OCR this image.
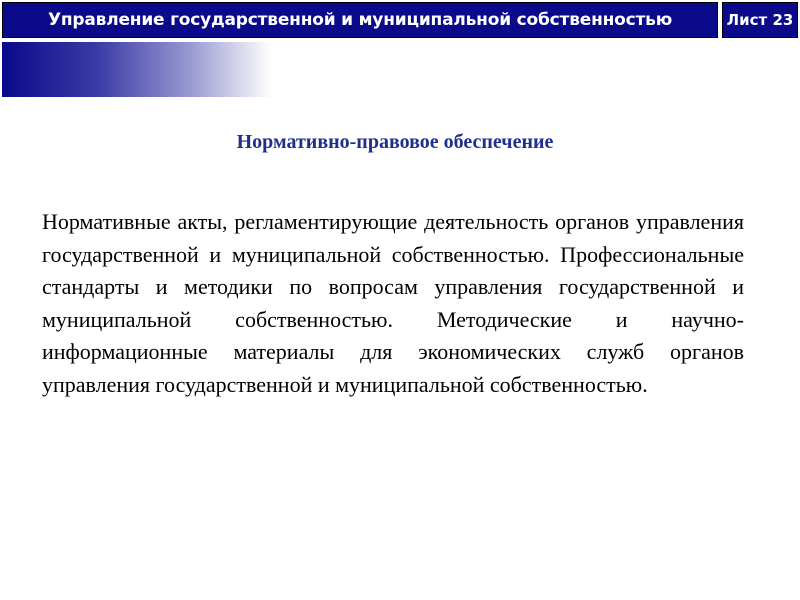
Управление государственной и муниципальной собственностью	Лист 23
Нормативно-правовое обеспечение
Нормативные акты, регламентирующие деятельность органов управления государственной и муниципальной собственностью. Профессиональные стандарты и методики по вопросам управления государственной и муниципальной собственностью. Методические и научно-информационные материалы для экономических служб органов управления государственной и муниципальной собственностью.
